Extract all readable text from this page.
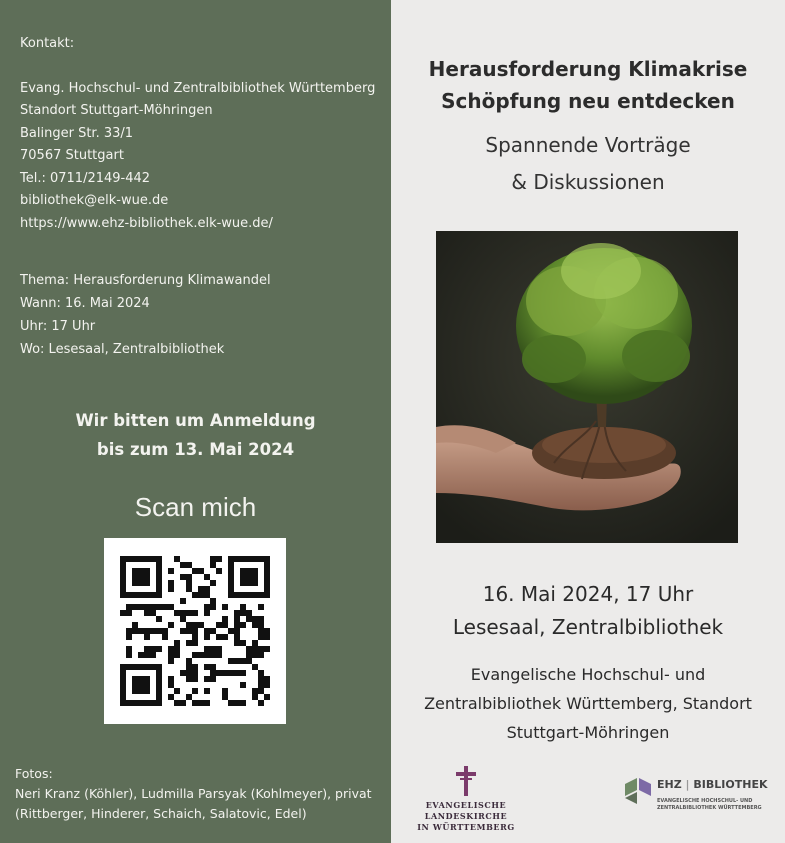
Kontakt:
Evang. Hochschul- und Zentralbibliothek Württemberg
Standort Stuttgart-Möhringen
Balinger Str. 33/1
70567 Stuttgart
Tel.: 0711/2149-442
bibliothek@elk-wue.de
https://www.ehz-bibliothek.elk-wue.de/
Thema: Herausforderung Klimawandel
Wann: 16. Mai 2024
Uhr: 17 Uhr
Wo: Lesesaal, Zentralbibliothek
Wir bitten um Anmeldung
bis zum 13. Mai 2024
Scan mich
Fotos:
Neri Kranz (Köhler), Ludmilla Parsyak (Kohlmeyer), privat
(Rittberger, Hinderer, Schaich, Salatovic, Edel)
Herausforderung Klimakrise
Schöpfung neu entdecken
Spannende Vorträge
& Diskussionen
16. Mai 2024, 17 Uhr
Lesesaal, Zentralbibliothek
Evangelische Hochschul- und
Zentralbibliothek Württemberg, Standort
Stuttgart-Möhringen
EVANGELISCHE LANDESKIRCHE
IN WÜRTTEMBERG
EHZ | BIBLIOTHEK
EVANGELISCHE HOCHSCHUL- UND
ZENTRALBIBLIOTHEK WÜRTTEMBERG
